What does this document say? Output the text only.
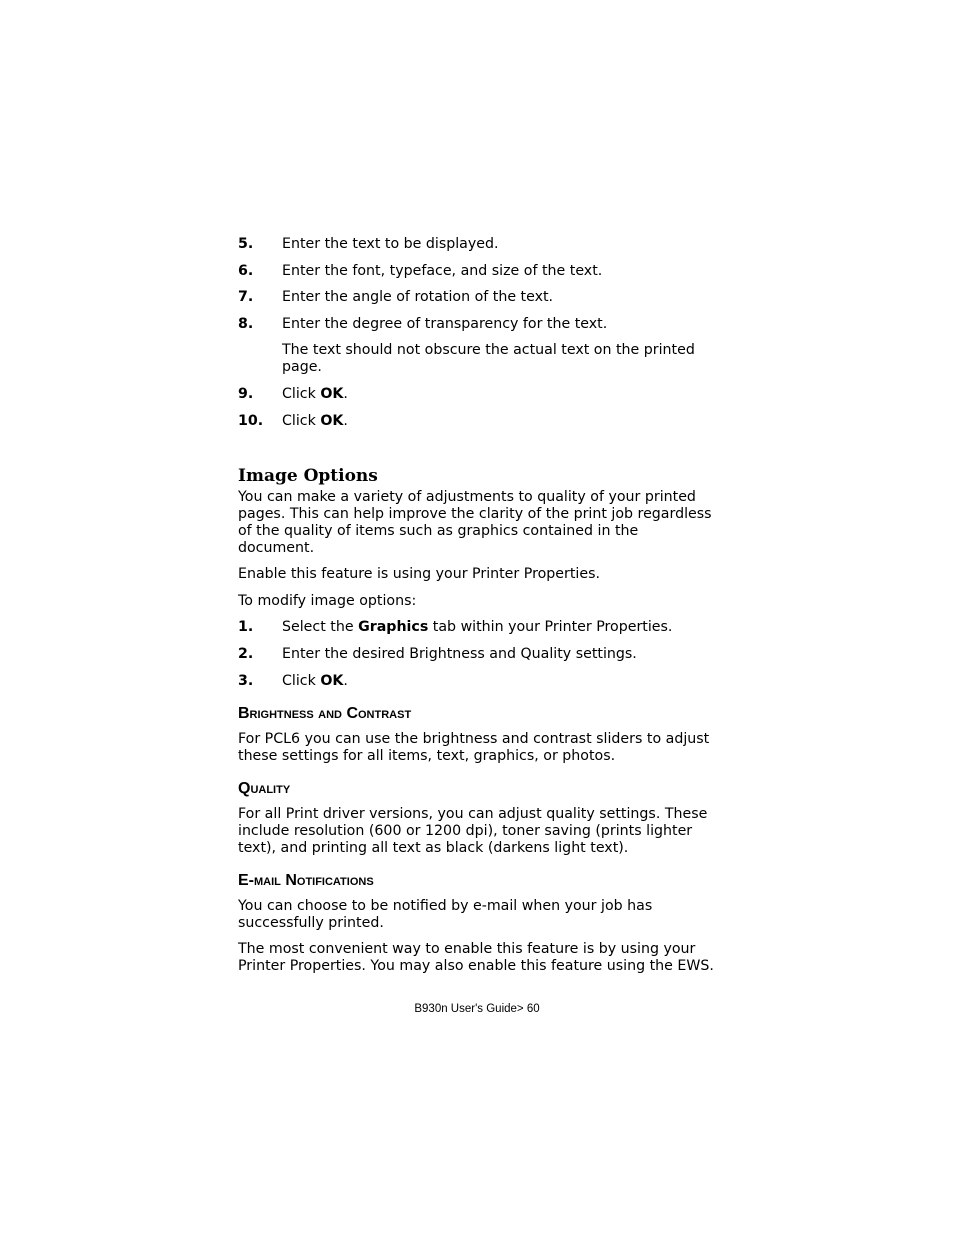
5.	Enter the text to be displayed.
6.	Enter the font, typeface, and size of the text.
7.	Enter the angle of rotation of the text.
8.	Enter the degree of transparency for the text.
The text should not obscure the actual text on the printed page.
9.	Click OK.
10.	Click OK.
Image Options

You can make a variety of adjustments to quality of your printed pages. This can help improve the clarity of the print job regardless of the quality of items such as graphics contained in the document.

Enable this feature is using your Printer Properties.

To modify image options:

1.	Select the Graphics tab within your Printer Properties.
2.	Enter the desired Brightness and Quality settings.
3.	Click OK.
Brightness and Contrast

For PCL6 you can use the brightness and contrast sliders to adjust these settings for all items, text, graphics, or photos.

Quality

For all Print driver versions, you can adjust quality settings. These include resolution (600 or 1200 dpi), toner saving (prints lighter text), and printing all text as black (darkens light text).

E-mail Notifications

You can choose to be notified by e-mail when your job has successfully printed.

The most convenient way to enable this feature is by using your Printer Properties. You may also enable this feature using the EWS.

B930n User's Guide> 60
